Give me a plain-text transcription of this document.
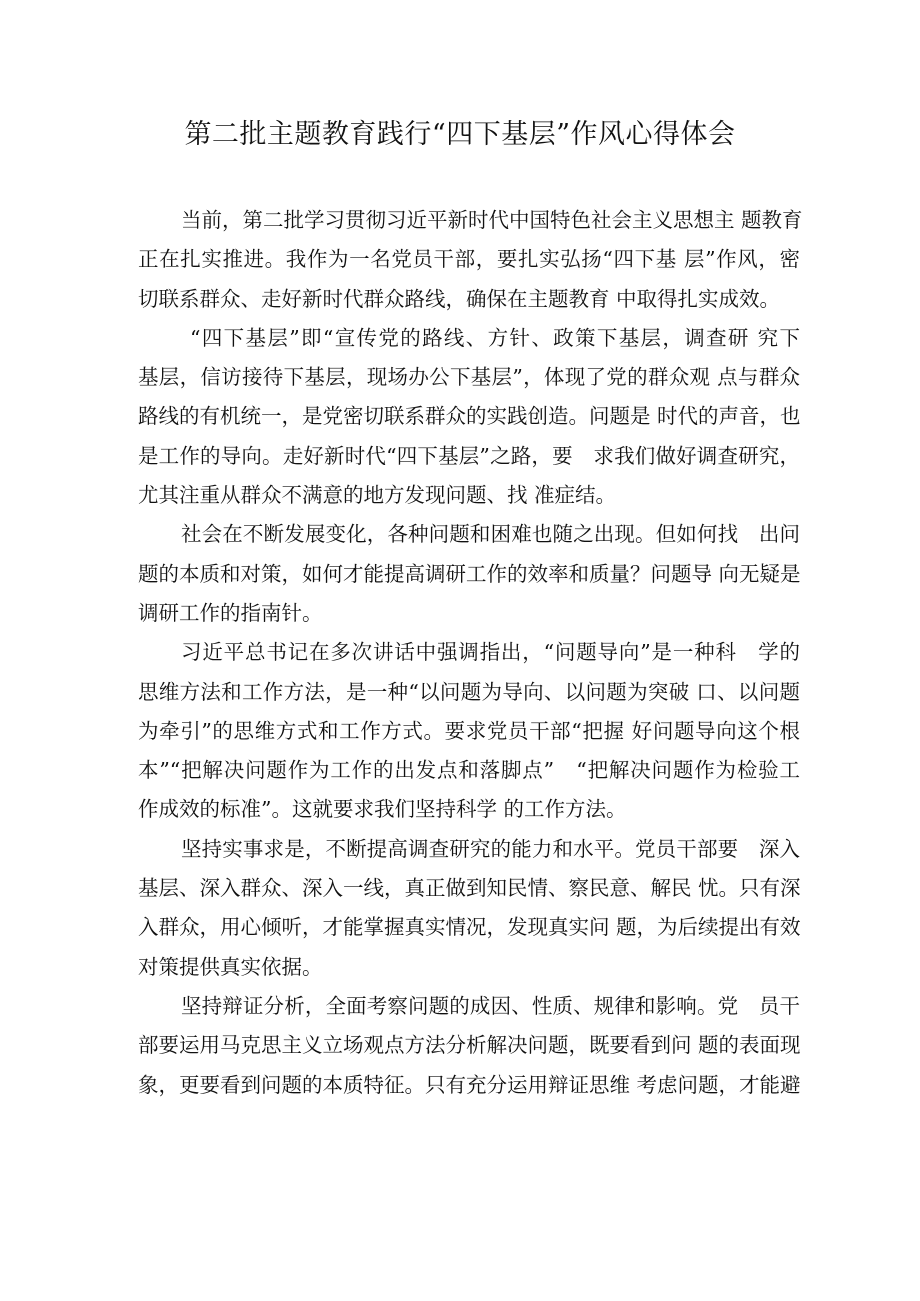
第二批主题教育践行“四下基层”作风心得体会
当前，第二批学习贯彻习近平新时代中国特色社会主义思想主 题教育
正在扎实推进。我作为一名党员干部，要扎实弘扬“四下基 层”作风，密
切联系群众、走好新时代群众路线，确保在主题教育 中取得扎实成效。
“四下基层”即“宣传党的路线、方针、政策下基层，调查研 究下
基层，信访接待下基层，现场办公下基层”，体现了党的群众观 点与群众
路线的有机统一，是党密切联系群众的实践创造。问题是 时代的声音，也
是工作的导向。走好新时代“四下基层”之路，要　求我们做好调查研究，
尤其注重从群众不满意的地方发现问题、找 准症结。
社会在不断发展变化，各种问题和困难也随之出现。但如何找　出问
题的本质和对策，如何才能提高调研工作的效率和质量？问题导 向无疑是
调研工作的指南针。
习近平总书记在多次讲话中强调指出，“问题导向”是一种科　学的
思维方法和工作方法，是一种“以问题为导向、以问题为突破 口、以问题
为牵引”的思维方式和工作方式。要求党员干部“把握 好问题导向这个根
本”“把解决问题作为工作的出发点和落脚点”　“把解决问题作为检验工
作成效的标准”。这就要求我们坚持科学 的工作方法。
坚持实事求是，不断提高调查研究的能力和水平。党员干部要　深入
基层、深入群众、深入一线，真正做到知民情、察民意、解民 忧。只有深
入群众，用心倾听，才能掌握真实情况，发现真实问 题，为后续提出有效
对策提供真实依据。
坚持辩证分析，全面考察问题的成因、性质、规律和影响。党　员干
部要运用马克思主义立场观点方法分析解决问题，既要看到问 题的表面现
象，更要看到问题的本质特征。只有充分运用辩证思维 考虑问题，才能避
